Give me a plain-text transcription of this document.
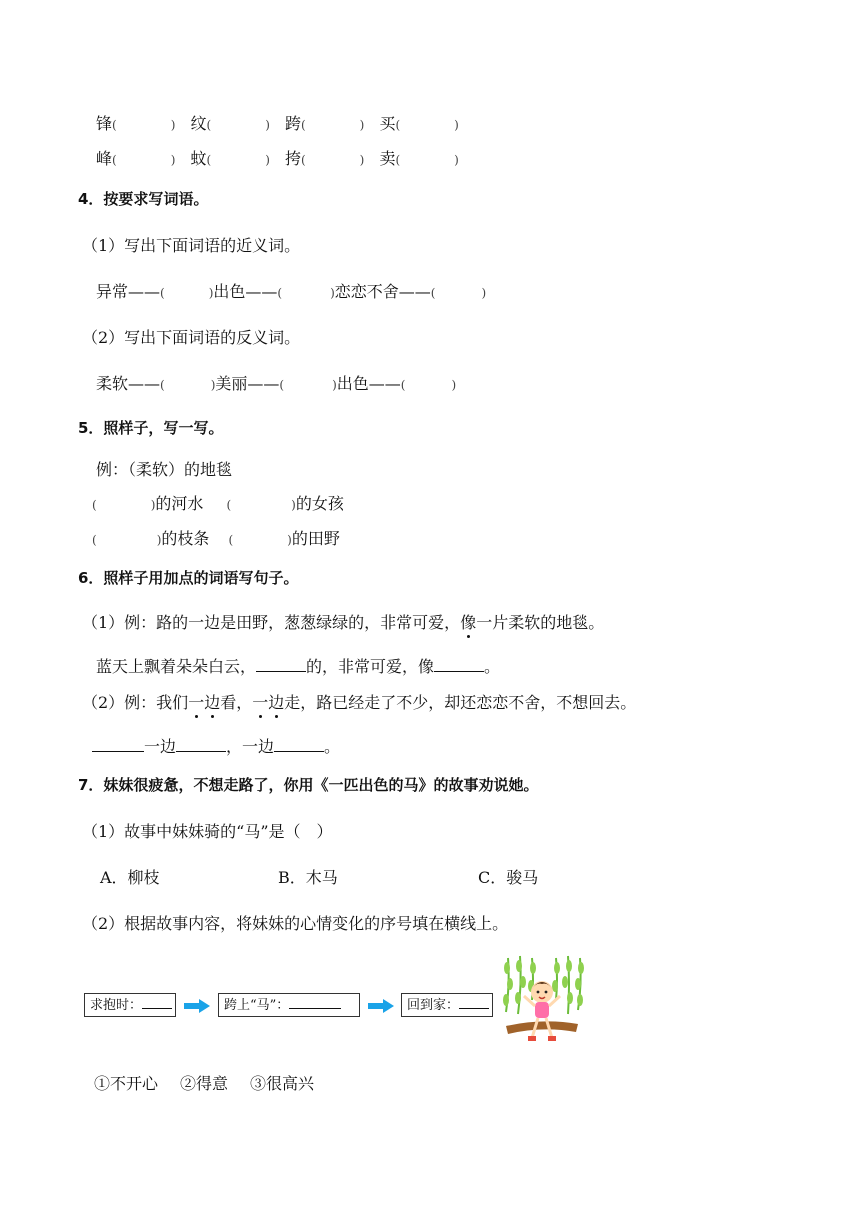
锋(	) 纹(	) 跨(	) 买(	)
峰(	) 蚊(	) 挎(	) 卖(	)
4．按要求写词语。
（1）写出下面词语的近义词。
异常——(	)出色——(	)恋恋不舍——(	)
（2）写出下面词语的反义词。
柔软——(	)美丽——(	)出色——(	)
5．照样子，写一写。
例：（柔软）的地毯
(	)的河水 (	)的女孩
(	)的枝条 (	)的田野
6．照样子用加点的词语写句子。
（1）例：路的一边是田野，葱葱绿绿的，非常可爱，像一片柔软的地毯。
蓝天上飘着朵朵白云，	的，非常可爱，像	。
（2）例：我们一边看，一边走，路已经走了不少，却还恋恋不舍，不想回去。
一边	，一边	。
7．妹妹很疲惫，不想走路了，你用《一匹出色的马》的故事劝说她。
（1）故事中妹妹骑的“马”是（　）
A．柳枝	B．木马	C．骏马
（2）根据故事内容，将妹妹的心情变化的序号填在横线上。
求抱时：	跨上“马”：	回到家：
①不开心 ②得意 ③很高兴
